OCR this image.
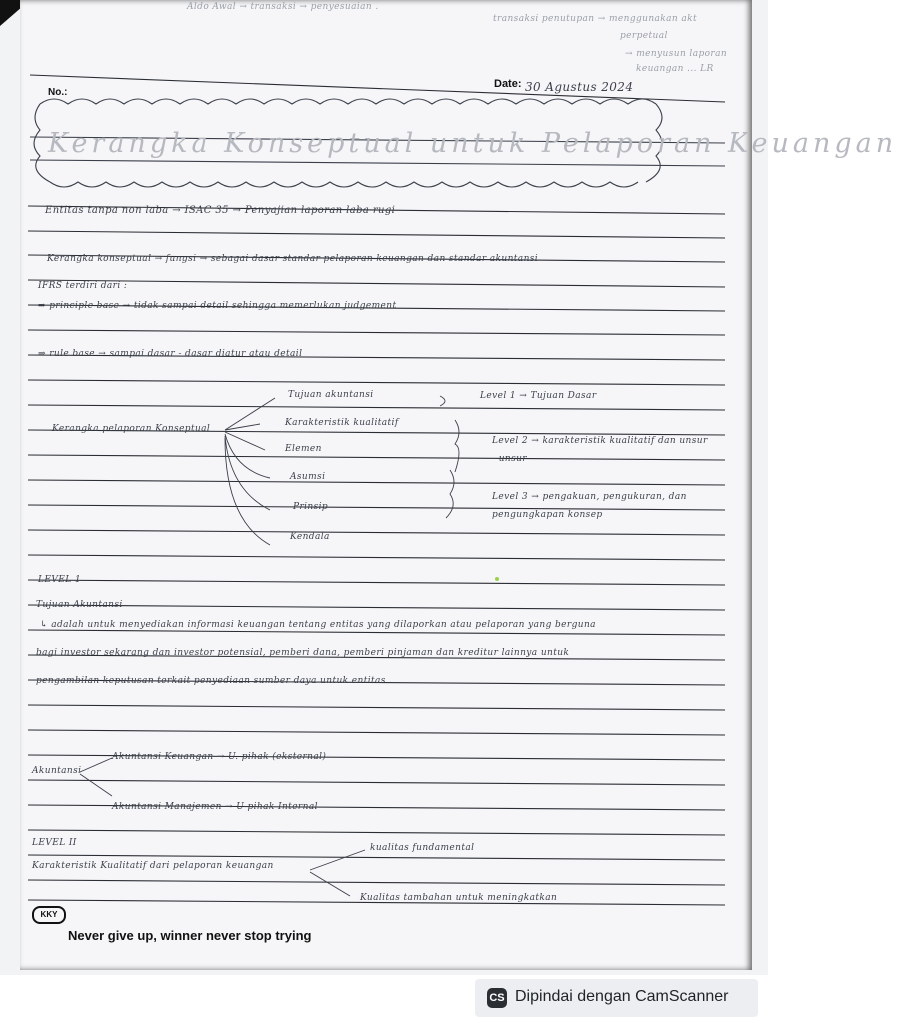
Aldo Awal → transaksi → penyesuaian .
transaksi penutupan → menggunakan akt
perpetual
→ menyusun laporan
keuangan ... LR
No.:
Date: 30 Agustus 2024
Kerangka Konseptual untuk Pelaporan Keuangan
Entitas tanpa non laba → ISAC 35 → Penyajian laporan laba rugi
Kerangka konseptual → fungsi → sebagai dasar standar pelaporan keuangan dan standar akuntansi
IFRS terdiri dari :
⇒ principle base → tidak sampai detail sehingga memerlukan judgement
⇒ rule base → sampai dasar - dasar diatur atau detail
Kerangka pelaporan Konseptual
Tujuan akuntansi
Karakteristik kualitatif
Elemen
Asumsi
Prinsip
Kendala
Level 1 → Tujuan Dasar
Level 2 → karakteristik kualitatif dan unsur - unsur
Level 3 → pengakuan, pengukuran, dan pengungkapan konsep
LEVEL 1
Tujuan Akuntansi
↳ adalah untuk menyediakan informasi keuangan tentang entitas yang dilaporkan atau pelaporan yang berguna
bagi investor sekarang dan investor potensial, pemberi dana, pemberi pinjaman dan kreditur lainnya untuk
pengambilan keputusan terkait penyediaan sumber daya untuk entitas .
Akuntansi
Akuntansi Keuangan → U. pihak (eksternal)
Akuntansi Manajemen → U pihak Internal
LEVEL II
Karakteristik Kualitatif dari pelaporan keuangan
kualitas fundamental
Kualitas tambahan untuk meningkatkan
KKY
Never give up, winner never stop trying
CS Dipindai dengan CamScanner
